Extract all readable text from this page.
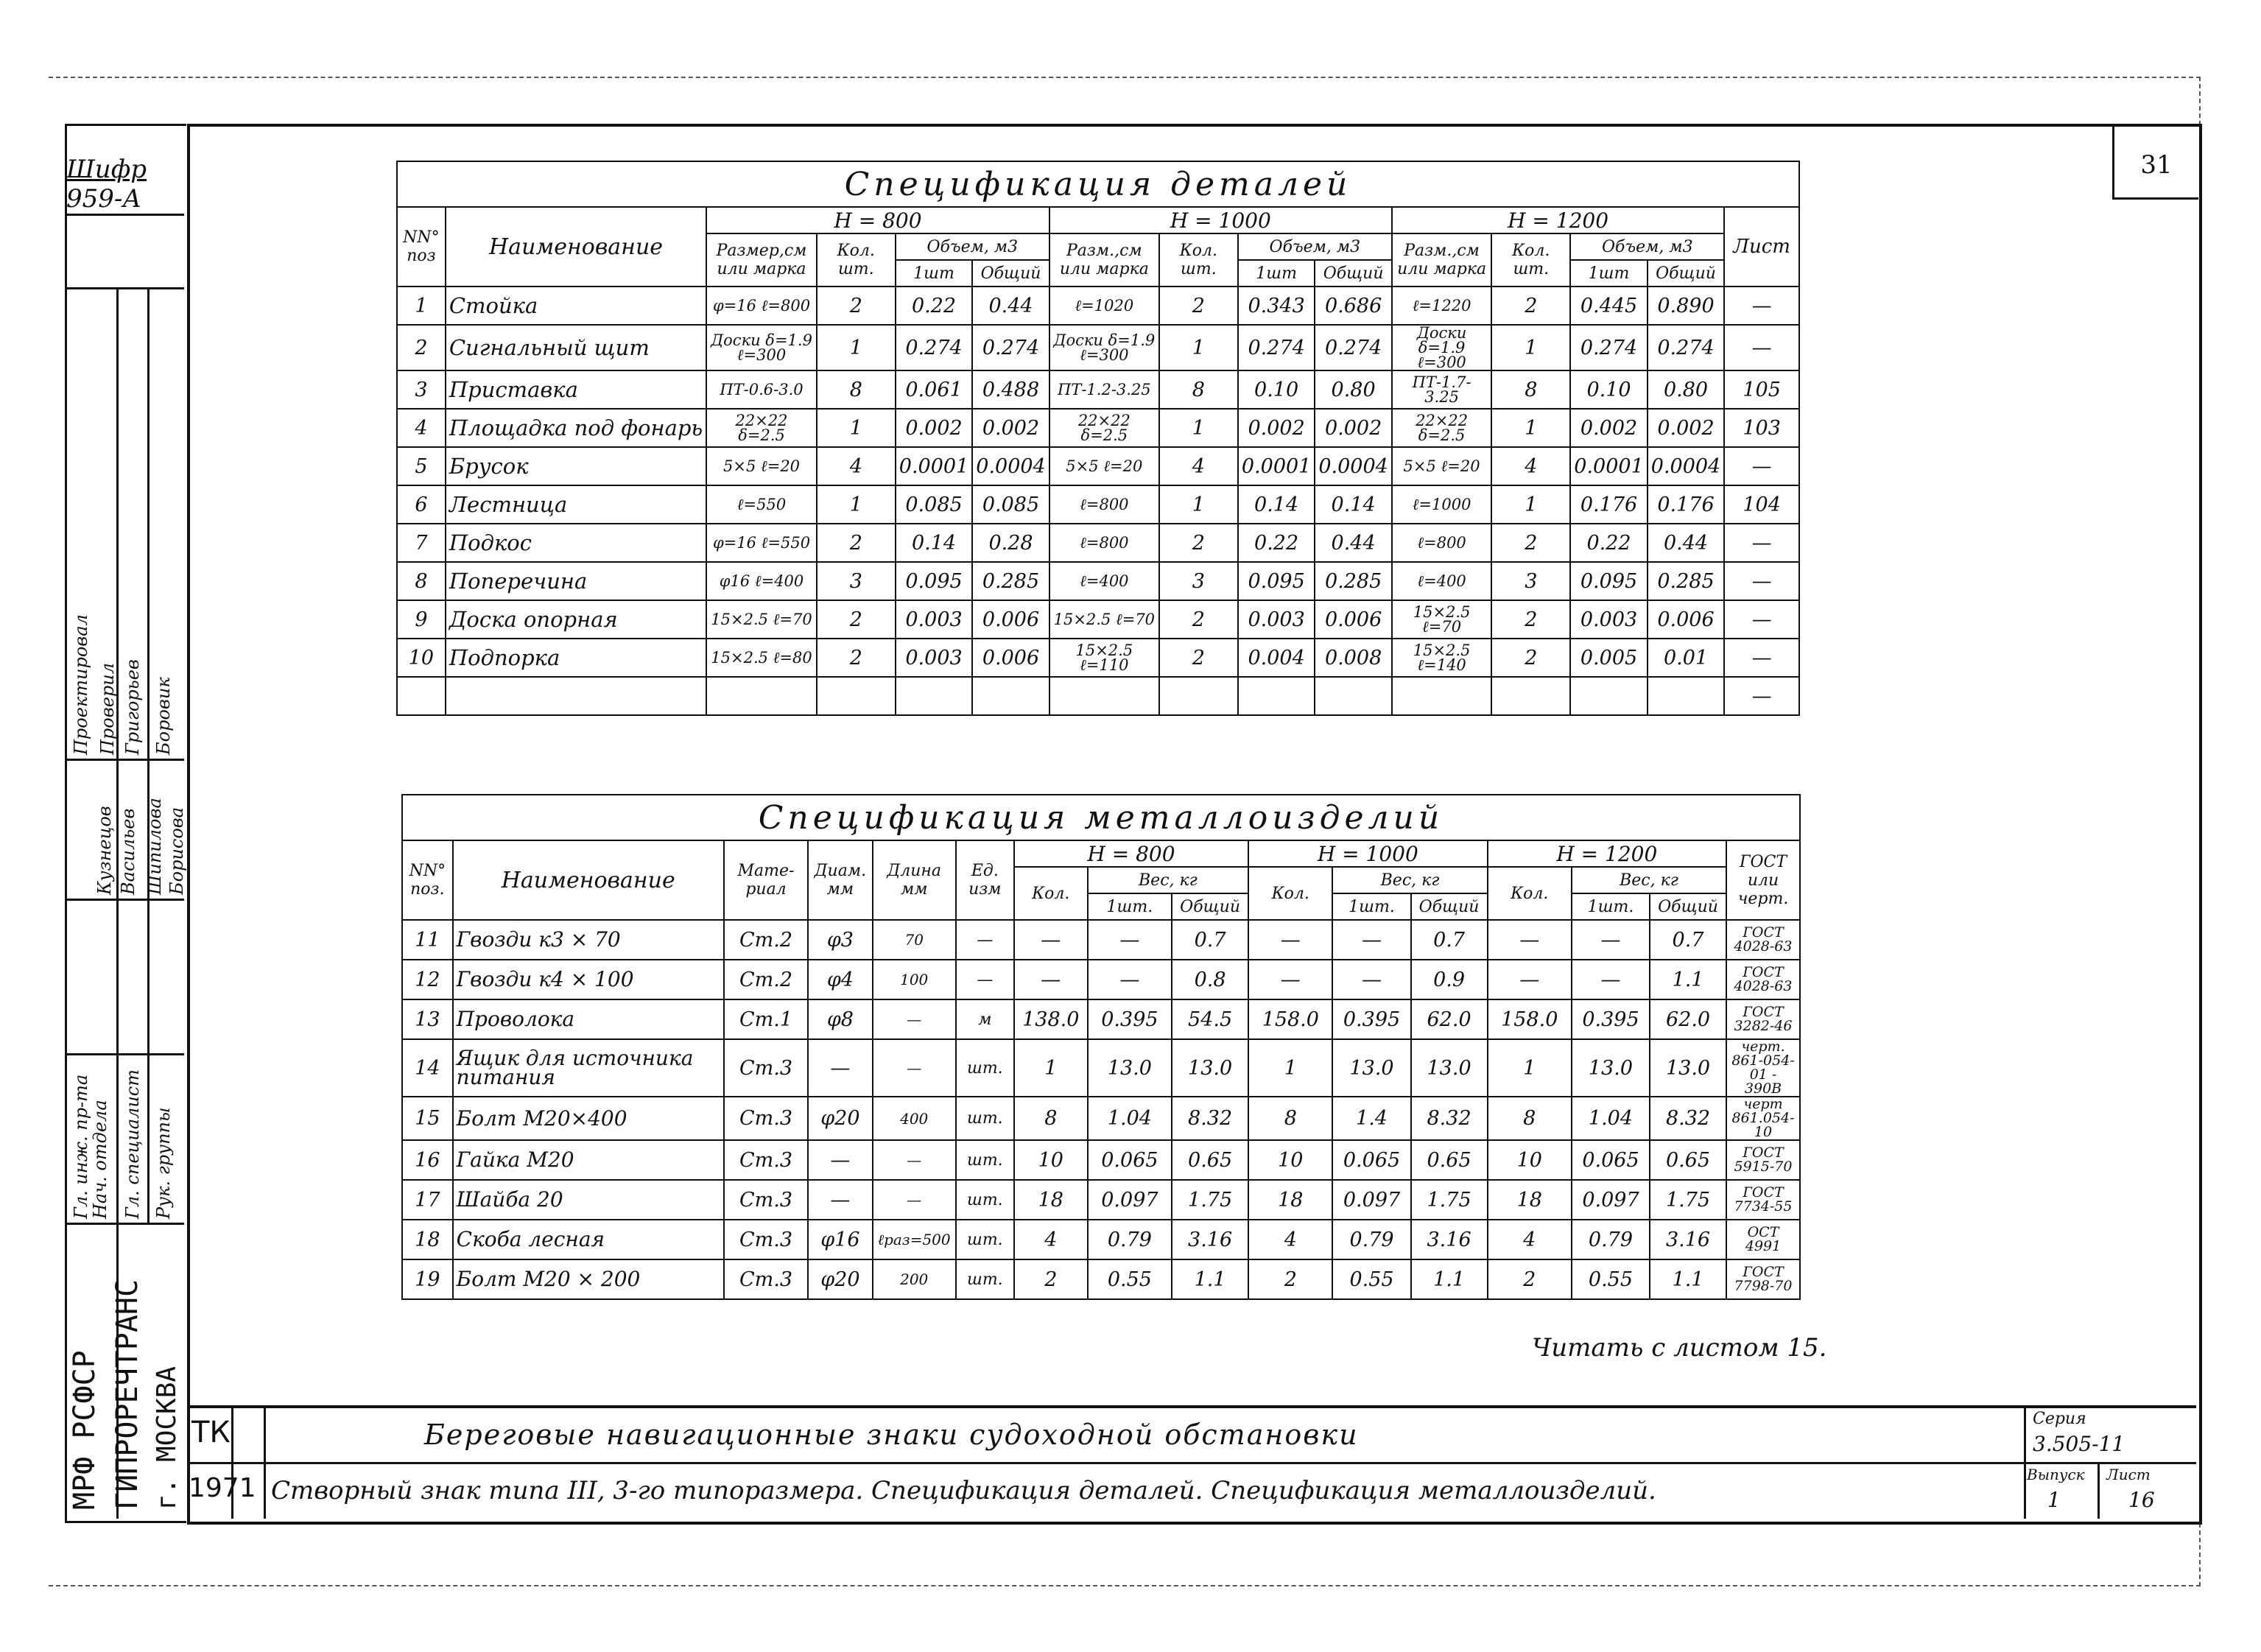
Шифр
959-А
31
Проектировал Проверил Григорьев Боровик
Гл. инж. пр-та
Нач. отдела Гл. специалист Рук. группы
Кузнецов Васильев Шипилова Борисова
МРФ РСФСР ГИПРОРЕЧТРАНС г. МОСКВА
Спецификация деталей														
NN° поз	Наименование	Н = 800				Н = 1000				Н = 1200				Лист
		Размер,см или марка	Кол. шт.	Объем, м3		Разм.,см или марка	Кол. шт.	Объем, м3		Разм.,см или марка	Кол. шт.	Объем, м3		
				1шт	Общий			1шт	Общий			1шт	Общий	
1	Стойка	φ=16 ℓ=800	2	0.22	0.44	ℓ=1020	2	0.343	0.686	ℓ=1220	2	0.445	0.890	—
2	Сигнальный щит	Доски δ=1.9 ℓ=300	1	0.274	0.274	Доски δ=1.9 ℓ=300	1	0.274	0.274	Доски δ=1.9 ℓ=300	1	0.274	0.274	—
3	Приставка	ПТ-0.6-3.0	8	0.061	0.488	ПТ-1.2-3.25	8	0.10	0.80	ПТ-1.7-3.25	8	0.10	0.80	105
4	Площадка под фонарь	22×22 δ=2.5	1	0.002	0.002	22×22 δ=2.5	1	0.002	0.002	22×22 δ=2.5	1	0.002	0.002	103
5	Брусок	5×5 ℓ=20	4	0.0001	0.0004	5×5 ℓ=20	4	0.0001	0.0004	5×5 ℓ=20	4	0.0001	0.0004	—
6	Лестница	ℓ=550	1	0.085	0.085	ℓ=800	1	0.14	0.14	ℓ=1000	1	0.176	0.176	104
7	Подкос	φ=16 ℓ=550	2	0.14	0.28	ℓ=800	2	0.22	0.44	ℓ=800	2	0.22	0.44	—
8	Поперечина	φ16 ℓ=400	3	0.095	0.285	ℓ=400	3	0.095	0.285	ℓ=400	3	0.095	0.285	—
9	Доска опорная	15×2.5 ℓ=70	2	0.003	0.006	15×2.5 ℓ=70	2	0.003	0.006	15×2.5 ℓ=70	2	0.003	0.006	—
10	Подпорка	15×2.5 ℓ=80	2	0.003	0.006	15×2.5 ℓ=110	2	0.004	0.008	15×2.5 ℓ=140	2	0.005	0.01	—
														—
Спецификация металлоизделий															
NN° поз.	Наименование	Мате-риал	Диам. мм	Длина мм	Ед. изм	Н = 800			Н = 1000			Н = 1200			ГОСТ или черт.
						Кол.	Вес, кг		Кол.	Вес, кг		Кол.	Вес, кг		
							1шт.	Общий		1шт.	Общий		1шт.	Общий	
11	Гвозди к3 × 70	Ст.2	φ3	70	—	—	—	0.7	—	—	0.7	—	—	0.7	ГОСТ 4028-63
12	Гвозди к4 × 100	Ст.2	φ4	100	—	—	—	0.8	—	—	0.9	—	—	1.1	ГОСТ 4028-63
13	Проволока	Ст.1	φ8	—	м	138.0	0.395	54.5	158.0	0.395	62.0	158.0	0.395	62.0	ГОСТ 3282-46
14	Ящик для источника питания	Ст.3	—	—	шт.	1	13.0	13.0	1	13.0	13.0	1	13.0	13.0	черт. 861-054-01 - 390В
15	Болт М20×400	Ст.3	φ20	400	шт.	8	1.04	8.32	8	1.4	8.32	8	1.04	8.32	черт 861.054-10
16	Гайка М20	Ст.3	—	—	шт.	10	0.065	0.65	10	0.065	0.65	10	0.065	0.65	ГОСТ 5915-70
17	Шайба 20	Ст.3	—	—	шт.	18	0.097	1.75	18	0.097	1.75	18	0.097	1.75	ГОСТ 7734-55
18	Скоба лесная	Ст.3	φ16	ℓраз=500	шт.	4	0.79	3.16	4	0.79	3.16	4	0.79	3.16	ОСТ 4991
19	Болт М20 × 200	Ст.3	φ20	200	шт.	2	0.55	1.1	2	0.55	1.1	2	0.55	1.1	ГОСТ 7798-70
Читать с листом 15.
ТК
1971
Береговые навигационные знаки судоходной обстановки
Створный знак типа III, 3-го типоразмера. Спецификация деталей. Спецификация металлоизделий.
Серия
3.505-11
Выпуск
1
Лист
16
